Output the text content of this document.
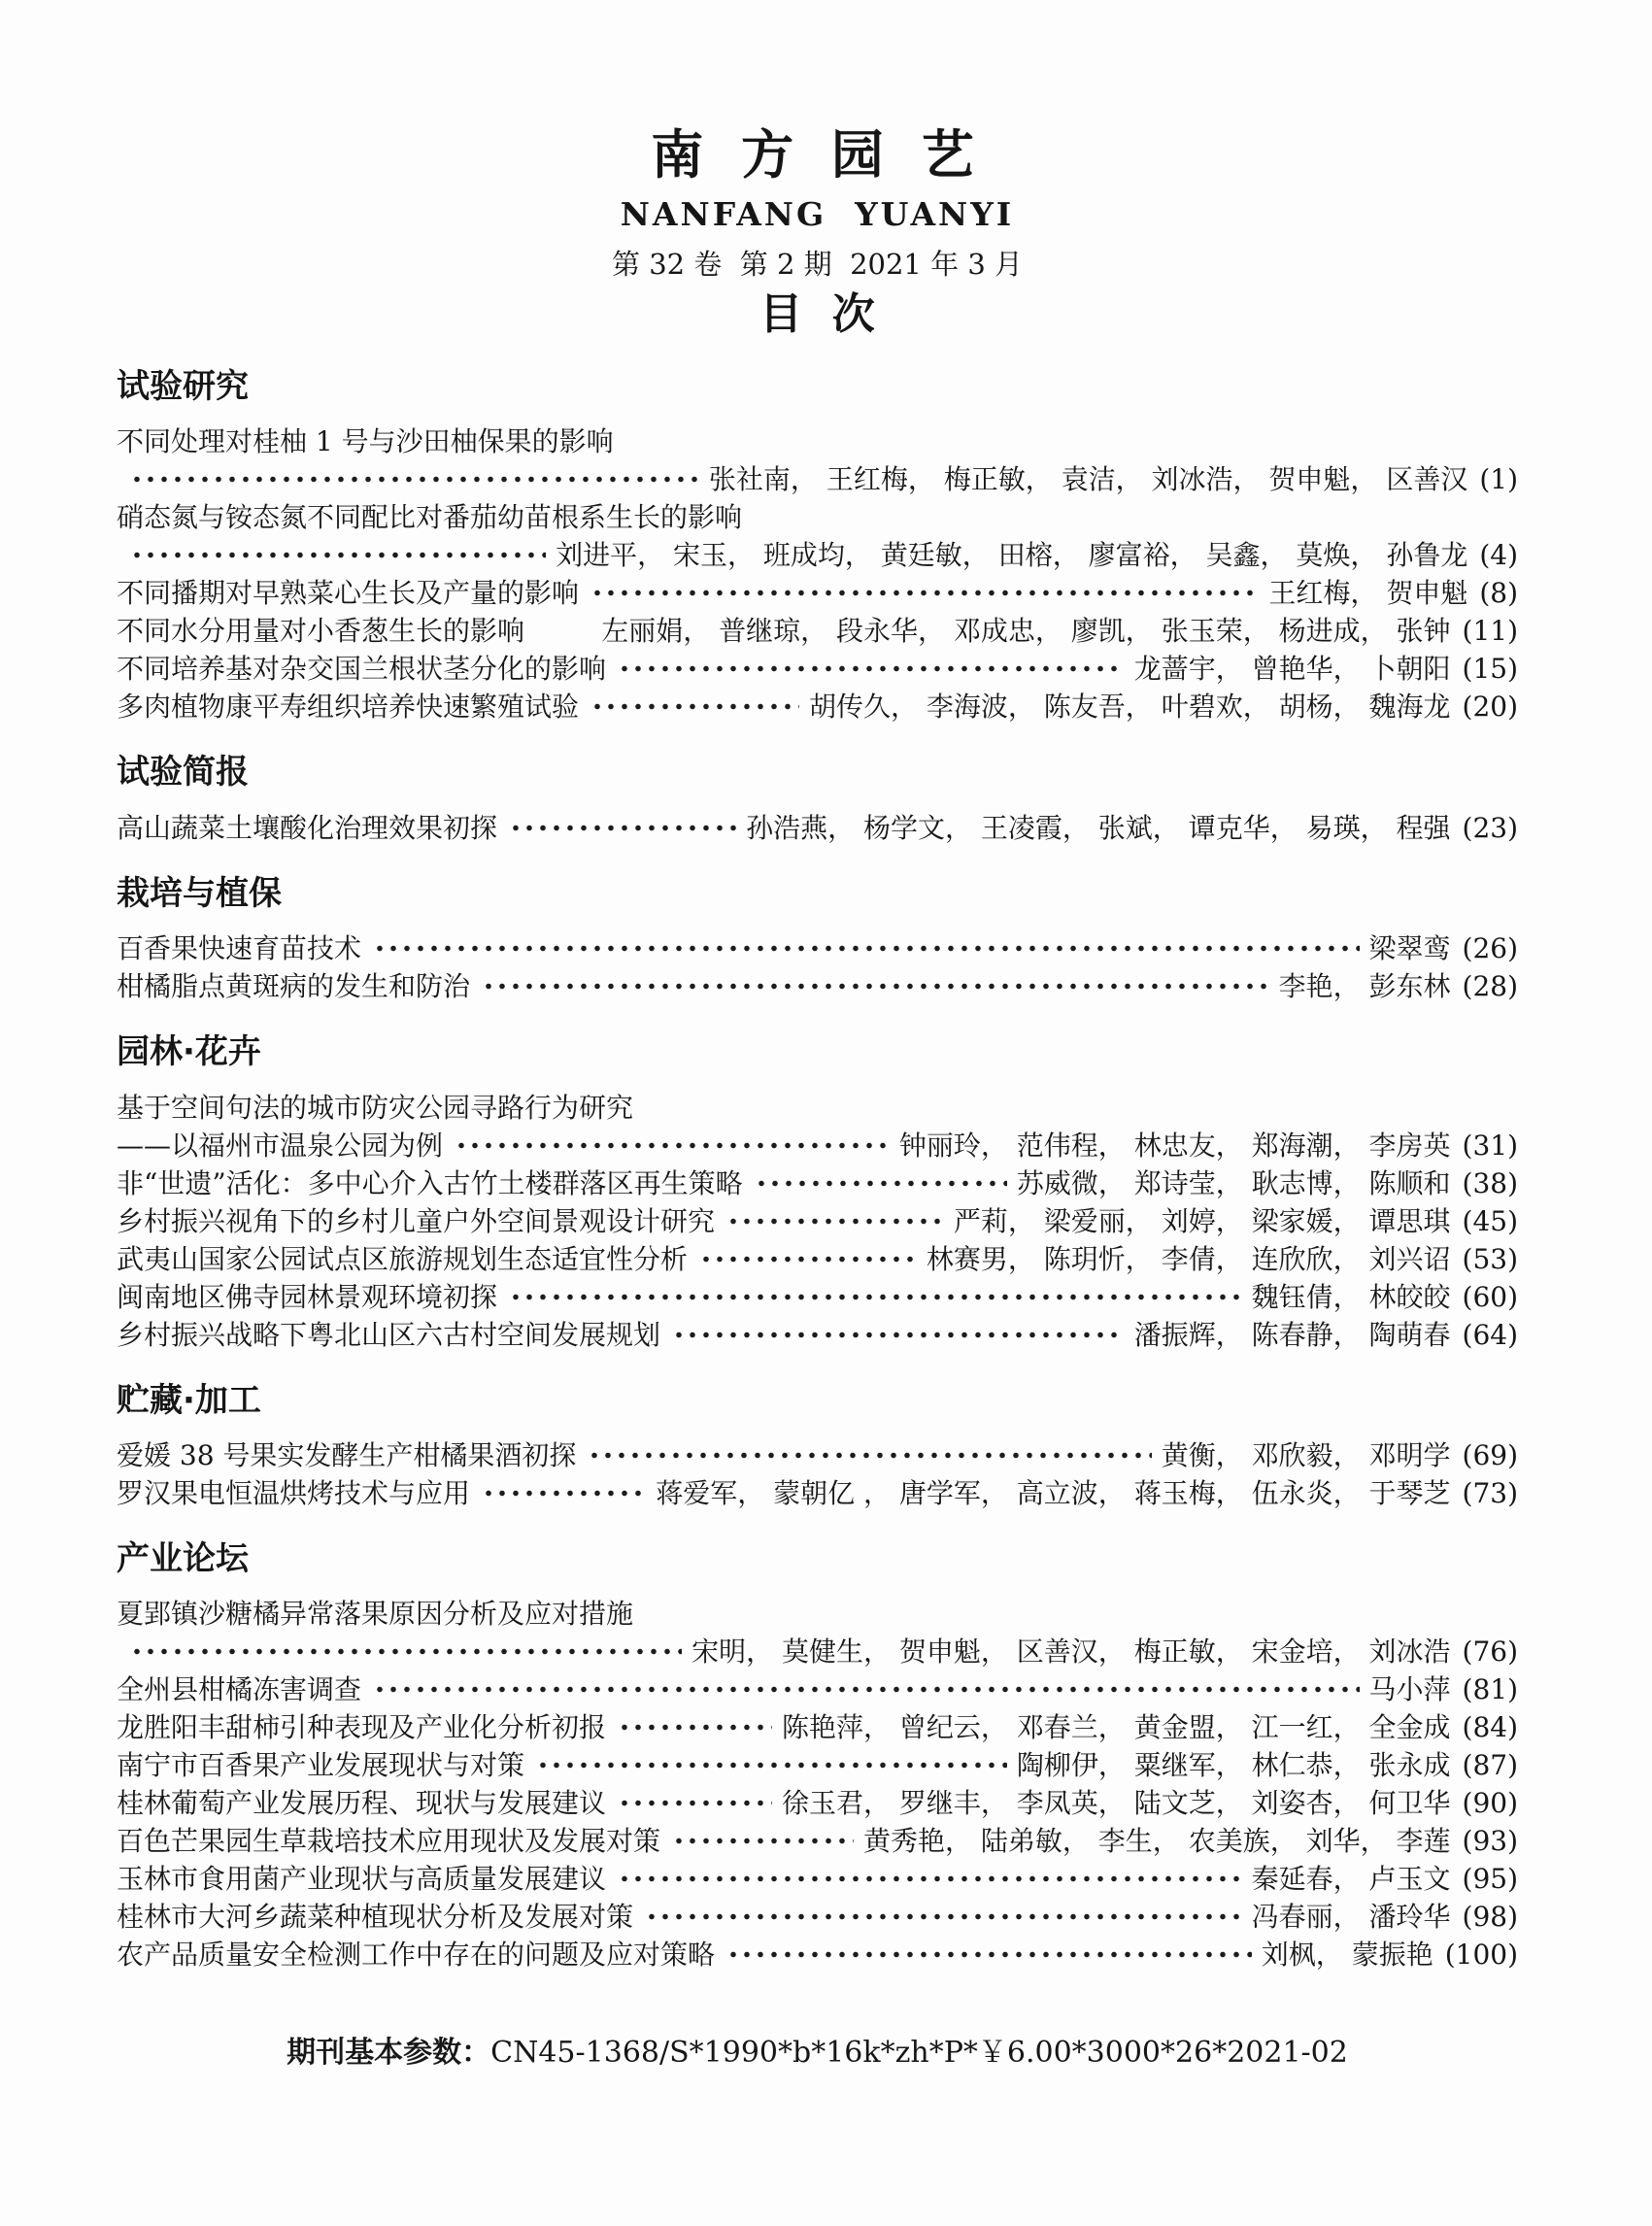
南 方 园 艺
NANFANG  YUANYI
第 32 卷  第 2 期  2021 年 3 月
目  次
试验研究
不同处理对桂柚 1 号与沙田柚保果的影响
张社南， 王红梅， 梅正敏， 袁洁， 刘冰浩， 贺申魁， 区善汉 (1)
硝态氮与铵态氮不同配比对番茄幼苗根系生长的影响
刘进平， 宋玉， 班成均， 黄廷敏， 田榕， 廖富裕， 吴鑫， 莫焕， 孙鲁龙 (4)
不同播期对早熟菜心生长及产量的影响	王红梅， 贺申魁 (8)
不同水分用量对小香葱生长的影响	左丽娟， 普继琼， 段永华， 邓成忠， 廖凯， 张玉荣， 杨进成， 张钟 (11)
不同培养基对杂交国兰根状茎分化的影响	龙蔷宇， 曾艳华， 卜朝阳 (15)
多肉植物康平寿组织培养快速繁殖试验	胡传久， 李海波， 陈友吾， 叶碧欢， 胡杨， 魏海龙 (20)
试验简报
高山蔬菜土壤酸化治理效果初探	孙浩燕， 杨学文， 王凌霞， 张斌， 谭克华， 易瑛， 程强 (23)
栽培与植保
百香果快速育苗技术	梁翠鸾 (26)
柑橘脂点黄斑病的发生和防治	李艳， 彭东林 (28)
园林·花卉
基于空间句法的城市防灾公园寻路行为研究
——以福州市温泉公园为例	钟丽玲， 范伟程， 林忠友， 郑海潮， 李房英 (31)
非“世遗”活化：多中心介入古竹土楼群落区再生策略	苏威微， 郑诗莹， 耿志博， 陈顺和 (38)
乡村振兴视角下的乡村儿童户外空间景观设计研究	严莉， 梁爱丽， 刘婷， 梁家媛， 谭思琪 (45)
武夷山国家公园试点区旅游规划生态适宜性分析	林赛男， 陈玥忻， 李倩， 连欣欣， 刘兴诏 (53)
闽南地区佛寺园林景观环境初探	魏钰倩， 林皎皎 (60)
乡村振兴战略下粤北山区六古村空间发展规划	潘振辉， 陈春静， 陶萌春 (64)
贮藏·加工
爱媛 38 号果实发酵生产柑橘果酒初探	黄衡， 邓欣毅， 邓明学 (69)
罗汉果电恒温烘烤技术与应用	蒋爱军， 蒙朝亿 ， 唐学军， 高立波， 蒋玉梅， 伍永炎， 于琴芝 (73)
产业论坛
夏郢镇沙糖橘异常落果原因分析及应对措施
宋明， 莫健生， 贺申魁， 区善汉， 梅正敏， 宋金培， 刘冰浩 (76)
全州县柑橘冻害调查	马小萍 (81)
龙胜阳丰甜柿引种表现及产业化分析初报	陈艳萍， 曾纪云， 邓春兰， 黄金盟， 江一红， 全金成 (84)
南宁市百香果产业发展现状与对策	陶柳伊， 粟继军， 林仁恭， 张永成 (87)
桂林葡萄产业发展历程、现状与发展建议	徐玉君， 罗继丰， 李凤英， 陆文芝， 刘姿杏， 何卫华 (90)
百色芒果园生草栽培技术应用现状及发展对策	黄秀艳， 陆弟敏， 李生， 农美族， 刘华， 李莲 (93)
玉林市食用菌产业现状与高质量发展建议	秦延春， 卢玉文 (95)
桂林市大河乡蔬菜种植现状分析及发展对策	冯春丽， 潘玲华 (98)
农产品质量安全检测工作中存在的问题及应对策略	刘枫， 蒙振艳 (100)
期刊基本参数：CN45-1368/S*1990*b*16k*zh*P*￥6.00*3000*26*2021-02
